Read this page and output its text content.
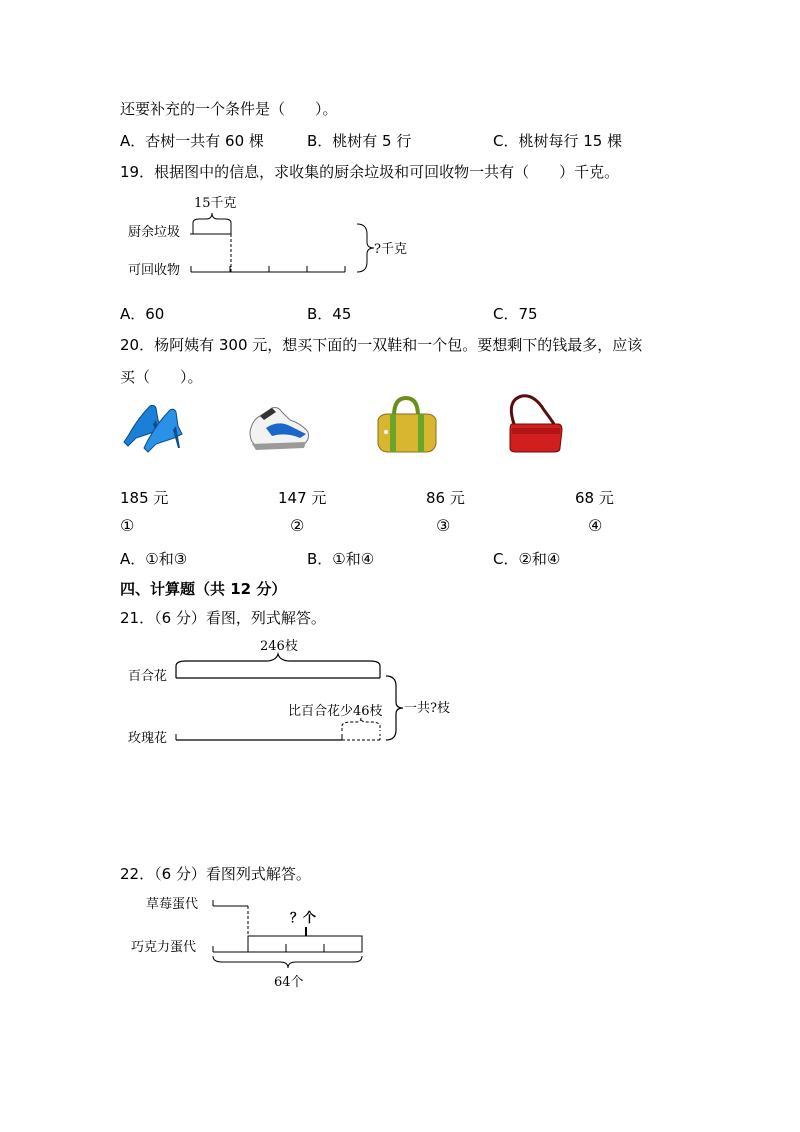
还要补充的一个条件是（　　）。
A．杏树一共有 60 棵	B．桃树有 5 行	C．桃树每行 15 棵
19．根据图中的信息，求收集的厨余垃圾和可回收物一共有（　　）千克。
15千克
厨余垃圾
可回收物
?千克
A．60	B．45	C．75
20．杨阿姨有 300 元，想买下面的一双鞋和一个包。要想剩下的钱最多，应该
买（　　）。
185 元	147 元	86 元	68 元
①	②	③	④
A．①和③	B．①和④	C．②和④
四、计算题（共 12 分）
21．（6 分）看图，列式解答。
246枝
百合花
比百合花少46枝
玫瑰花
一共?枝
22．（6 分）看图列式解答。
草莓蛋代
？个
巧克力蛋代
64个
